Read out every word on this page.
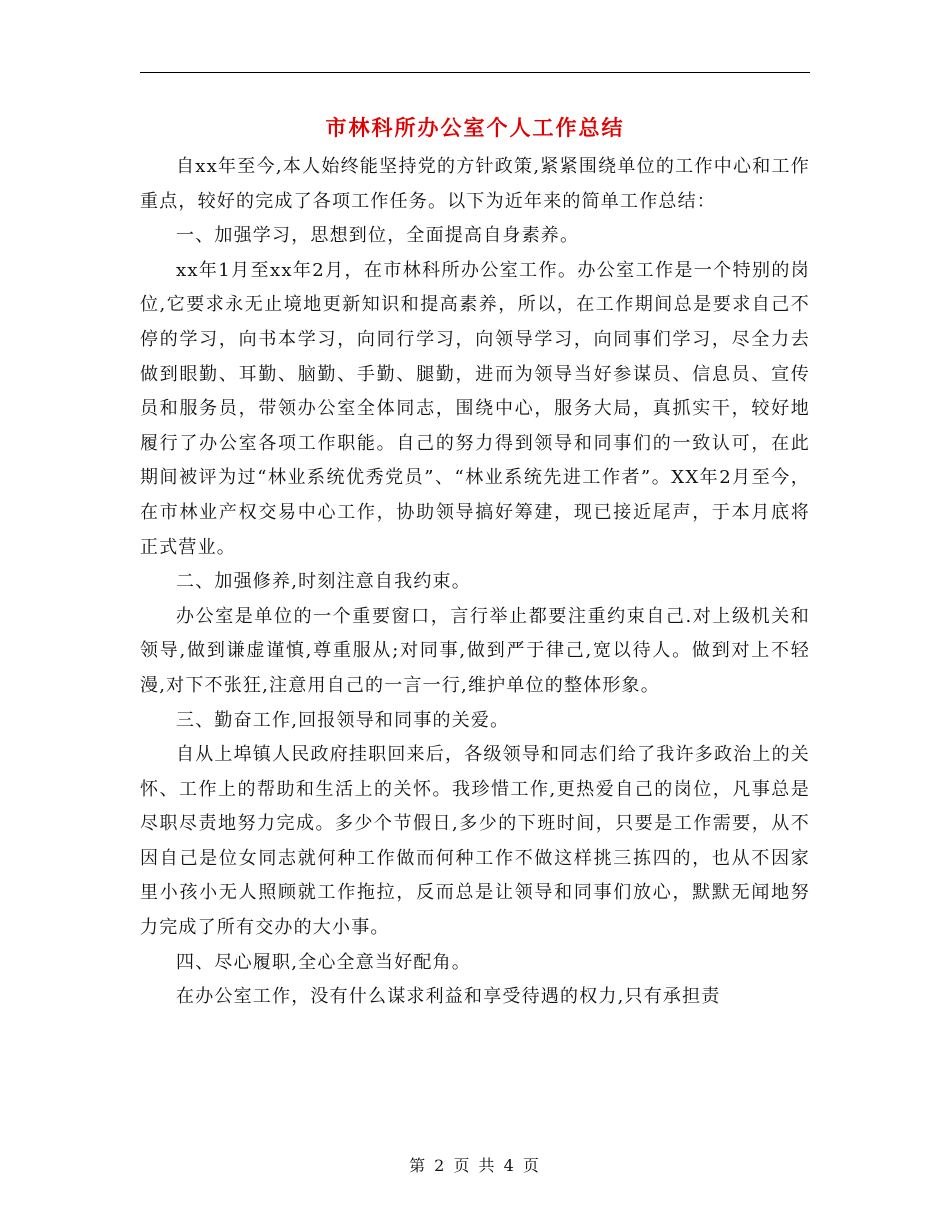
市林科所办公室个人工作总结

自xx年至今,本人始终能坚持党的方针政策,紧紧围绕单位的工作中心和工作重点，较好的完成了各项工作任务。以下为近年来的简单工作总结：

一、加强学习，思想到位，全面提高自身素养。

xx年1月至xx年2月，在市林科所办公室工作。办公室工作是一个特别的岗位,它要求永无止境地更新知识和提高素养，所以，在工作期间总是要求自己不停的学习，向书本学习，向同行学习，向领导学习，向同事们学习，尽全力去做到眼勤、耳勤、脑勤、手勤、腿勤，进而为领导当好参谋员、信息员、宣传员和服务员，带领办公室全体同志，围绕中心，服务大局，真抓实干，较好地履行了办公室各项工作职能。自己的努力得到领导和同事们的一致认可，在此期间被评为过“林业系统优秀党员”、“林业系统先进工作者”。XX年2月至今，在市林业产权交易中心工作，协助领导搞好筹建，现已接近尾声，于本月底将正式营业。

二、加强修养,时刻注意自我约束。

办公室是单位的一个重要窗口，言行举止都要注重约束自己.对上级机关和领导,做到谦虚谨慎,尊重服从;对同事,做到严于律己,宽以待人。做到对上不轻漫,对下不张狂,注意用自己的一言一行,维护单位的整体形象。

三、勤奋工作,回报领导和同事的关爱。

自从上埠镇人民政府挂职回来后，各级领导和同志们给了我许多政治上的关怀、工作上的帮助和生活上的关怀。我珍惜工作,更热爱自己的岗位，凡事总是尽职尽责地努力完成。多少个节假日,多少的下班时间，只要是工作需要，从不因自己是位女同志就何种工作做而何种工作不做这样挑三拣四的，也从不因家里小孩小无人照顾就工作拖拉，反而总是让领导和同事们放心，默默无闻地努力完成了所有交办的大小事。

四、尽心履职,全心全意当好配角。

在办公室工作，没有什么谋求利益和享受待遇的权力,只有承担责

第 2 页 共 4 页
